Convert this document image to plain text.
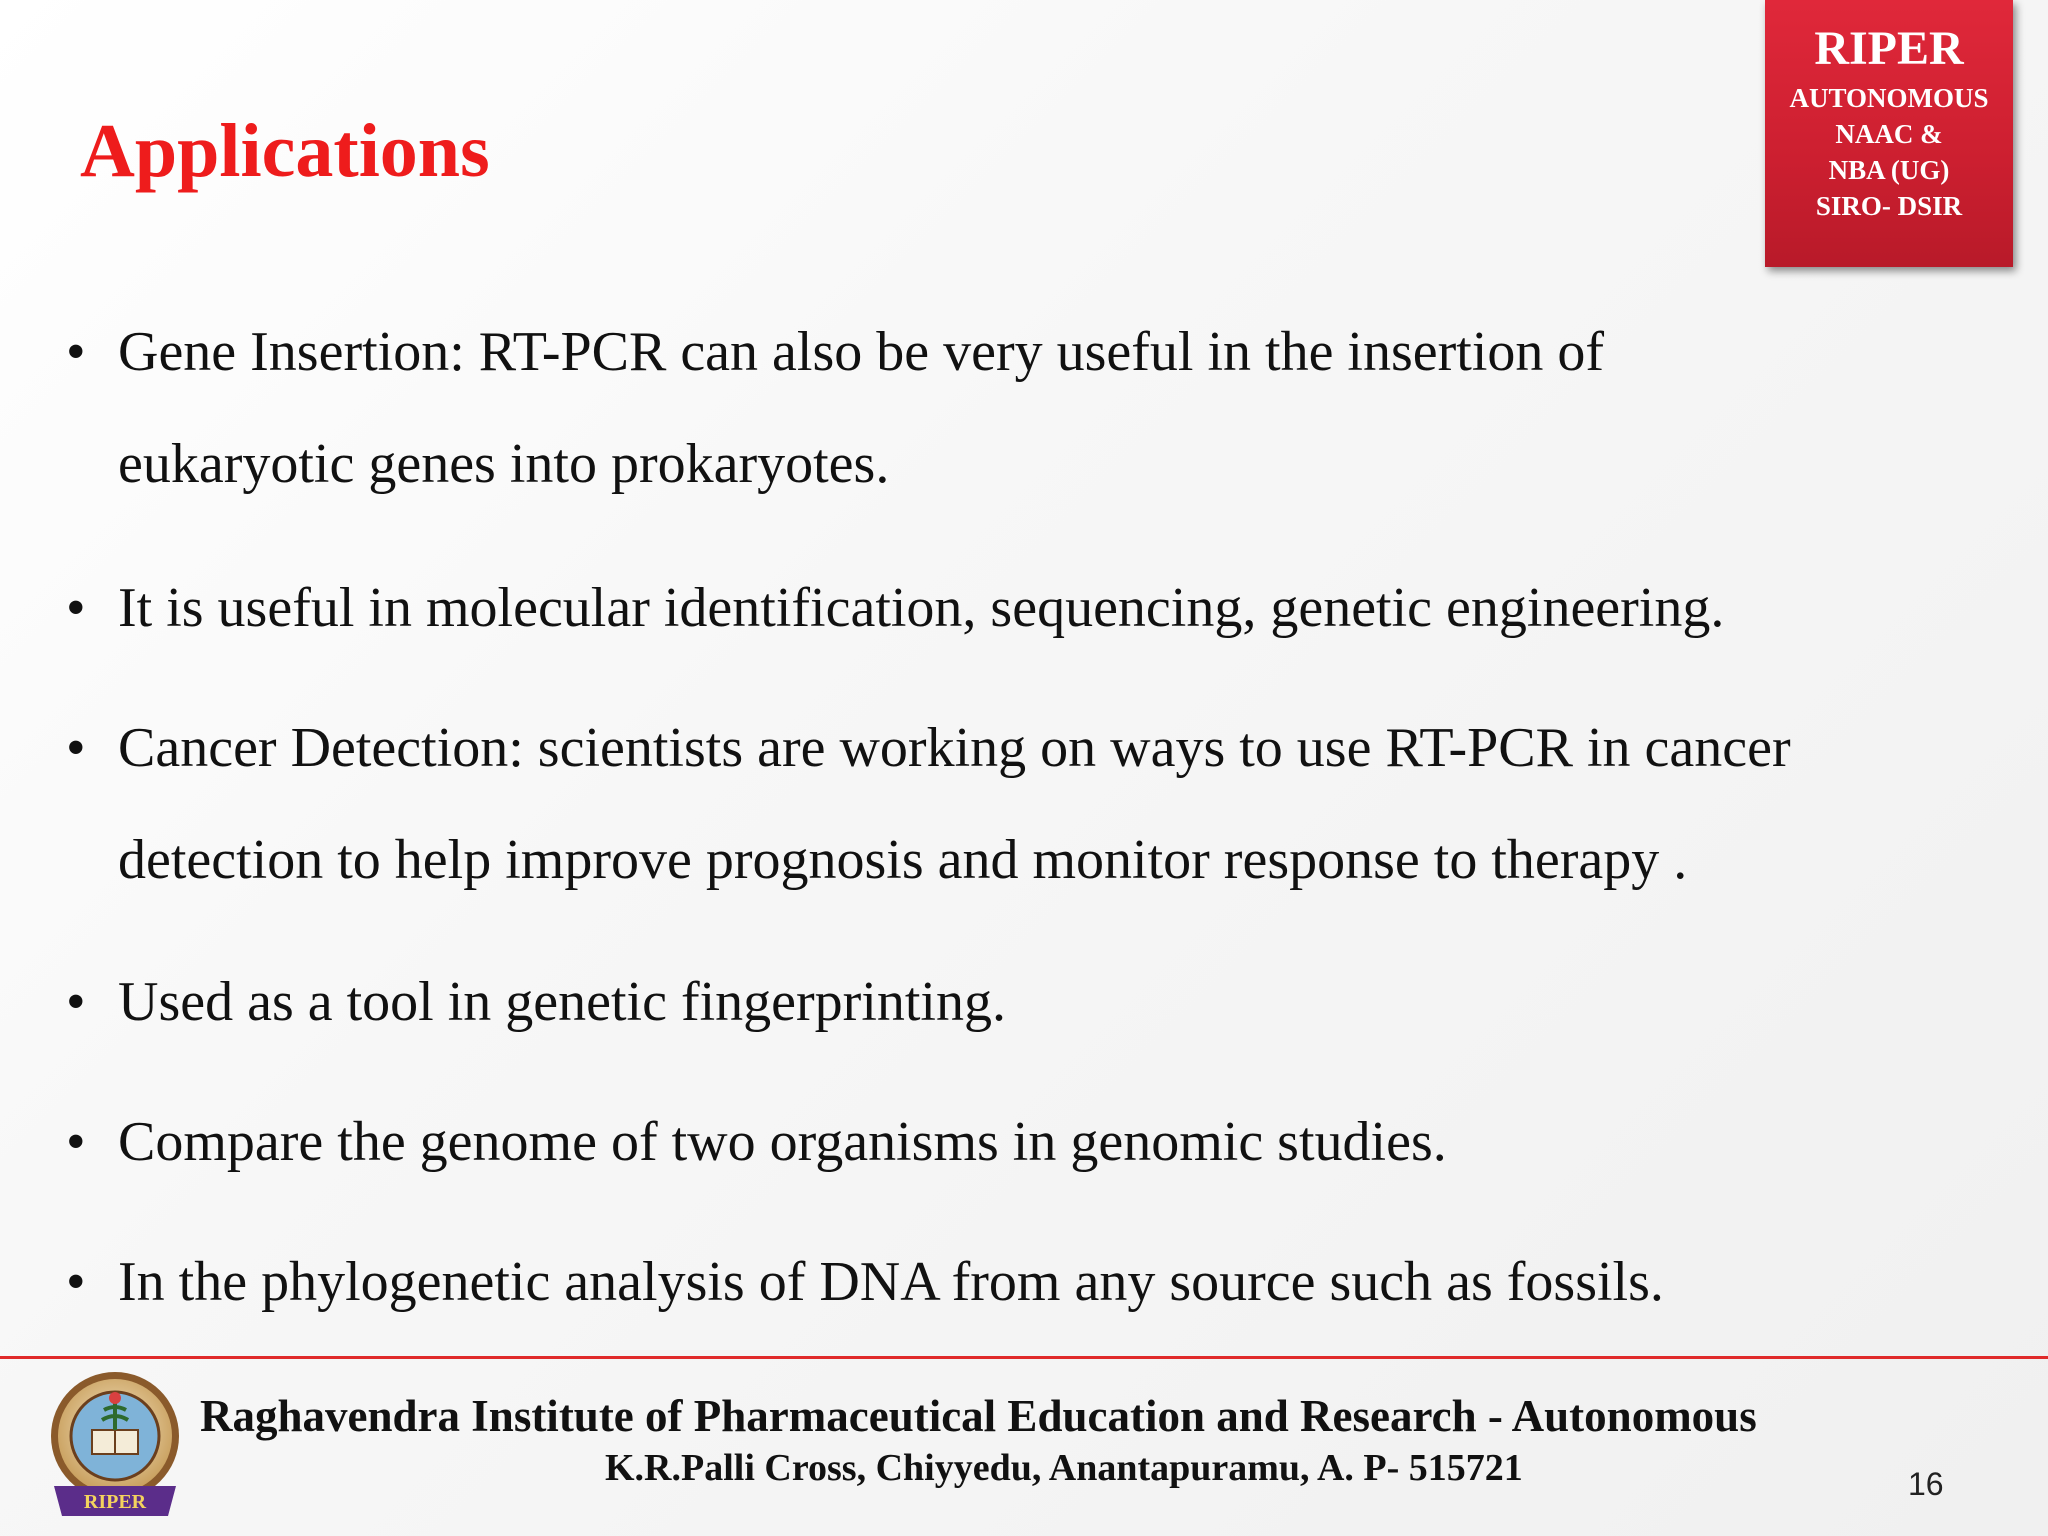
Applications
RIPER
AUTONOMOUS
NAAC &
NBA (UG)
SIRO- DSIR
• Gene Insertion: RT-PCR can also be very useful in the insertion of
eukaryotic genes into prokaryotes.
• It is useful in molecular identification, sequencing, genetic engineering.
• Cancer Detection: scientists are working on ways to use RT-PCR in cancer
detection to help improve prognosis and monitor response to therapy .
• Used as a tool in genetic fingerprinting.
• Compare the genome of two organisms in genomic studies.
• In the phylogenetic analysis of DNA from any source such as fossils.
RIPER
Raghavendra Institute of Pharmaceutical Education and Research - Autonomous
K.R.Palli Cross, Chiyyedu, Anantapuramu, A. P- 515721	16
